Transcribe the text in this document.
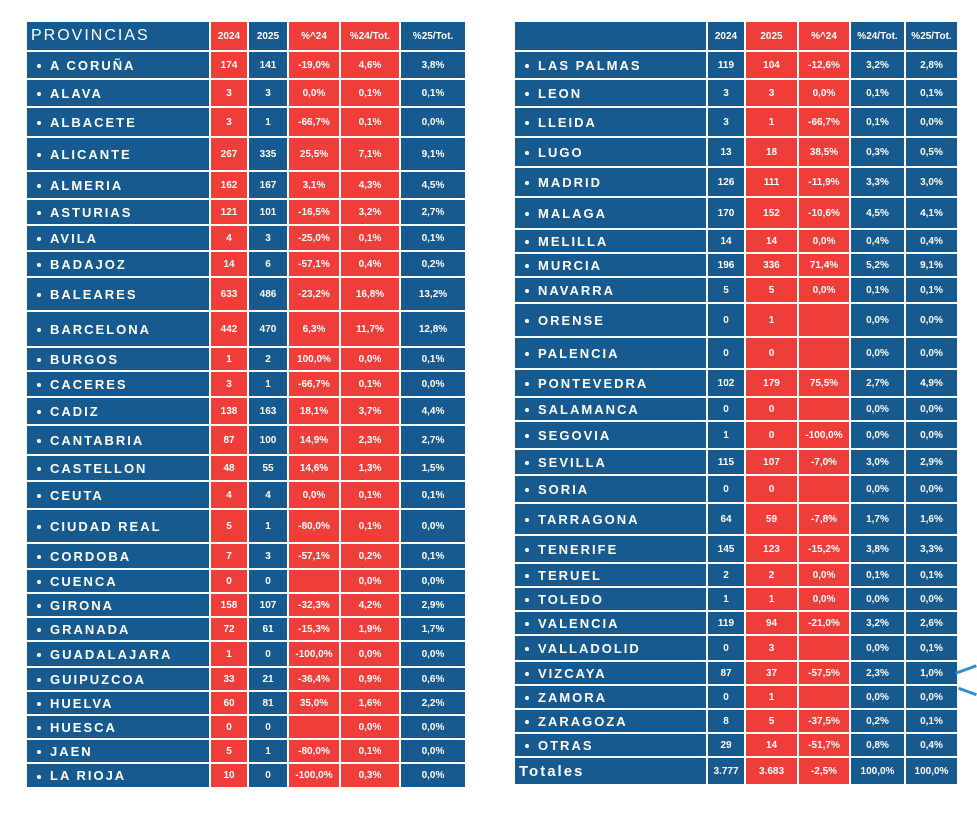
PROVINCIAS	2024	2025	%^24	%24/Tot.	%25/Tot.
A CORUÑA	174	141	-19,0%	4,6%	3,8%
ALAVA	3	3	0,0%	0,1%	0,1%
ALBACETE	3	1	-66,7%	0,1%	0,0%
ALICANTE	267	335	25,5%	7,1%	9,1%
ALMERIA	162	167	3,1%	4,3%	4,5%
ASTURIAS	121	101	-16,5%	3,2%	2,7%
AVILA	4	3	-25,0%	0,1%	0,1%
BADAJOZ	14	6	-57,1%	0,4%	0,2%
BALEARES	633	486	-23,2%	16,8%	13,2%
BARCELONA	442	470	6,3%	11,7%	12,8%
BURGOS	1	2	100,0%	0,0%	0,1%
CACERES	3	1	-66,7%	0,1%	0,0%
CADIZ	138	163	18,1%	3,7%	4,4%
CANTABRIA	87	100	14,9%	2,3%	2,7%
CASTELLON	48	55	14,6%	1,3%	1,5%
CEUTA	4	4	0,0%	0,1%	0,1%
CIUDAD REAL	5	1	-80,0%	0,1%	0,0%
CORDOBA	7	3	-57,1%	0,2%	0,1%
CUENCA	0	0		0,0%	0,0%
GIRONA	158	107	-32,3%	4,2%	2,9%
GRANADA	72	61	-15,3%	1,9%	1,7%
GUADALAJARA	1	0	-100,0%	0,0%	0,0%
GUIPUZCOA	33	21	-36,4%	0,9%	0,6%
HUELVA	60	81	35,0%	1,6%	2,2%
HUESCA	0	0		0,0%	0,0%
JAEN	5	1	-80,0%	0,1%	0,0%
LA RIOJA	10	0	-100,0%	0,3%	0,0%
	2024	2025	%^24	%24/Tot.	%25/Tot.
LAS PALMAS	119	104	-12,6%	3,2%	2,8%
LEON	3	3	0,0%	0,1%	0,1%
LLEIDA	3	1	-66,7%	0,1%	0,0%
LUGO	13	18	38,5%	0,3%	0,5%
MADRID	126	111	-11,9%	3,3%	3,0%
MALAGA	170	152	-10,6%	4,5%	4,1%
MELILLA	14	14	0,0%	0,4%	0,4%
MURCIA	196	336	71,4%	5,2%	9,1%
NAVARRA	5	5	0,0%	0,1%	0,1%
ORENSE	0	1		0,0%	0,0%
PALENCIA	0	0		0,0%	0,0%
PONTEVEDRA	102	179	75,5%	2,7%	4,9%
SALAMANCA	0	0		0,0%	0,0%
SEGOVIA	1	0	-100,0%	0,0%	0,0%
SEVILLA	115	107	-7,0%	3,0%	2,9%
SORIA	0	0		0,0%	0,0%
TARRAGONA	64	59	-7,8%	1,7%	1,6%
TENERIFE	145	123	-15,2%	3,8%	3,3%
TERUEL	2	2	0,0%	0,1%	0,1%
TOLEDO	1	1	0,0%	0,0%	0,0%
VALENCIA	119	94	-21,0%	3,2%	2,6%
VALLADOLID	0	3		0,0%	0,1%
VIZCAYA	87	37	-57,5%	2,3%	1,0%
ZAMORA	0	1		0,0%	0,0%
ZARAGOZA	8	5	-37,5%	0,2%	0,1%
OTRAS	29	14	-51,7%	0,8%	0,4%
Totales	3.777	3.683	-2,5%	100,0%	100,0%
